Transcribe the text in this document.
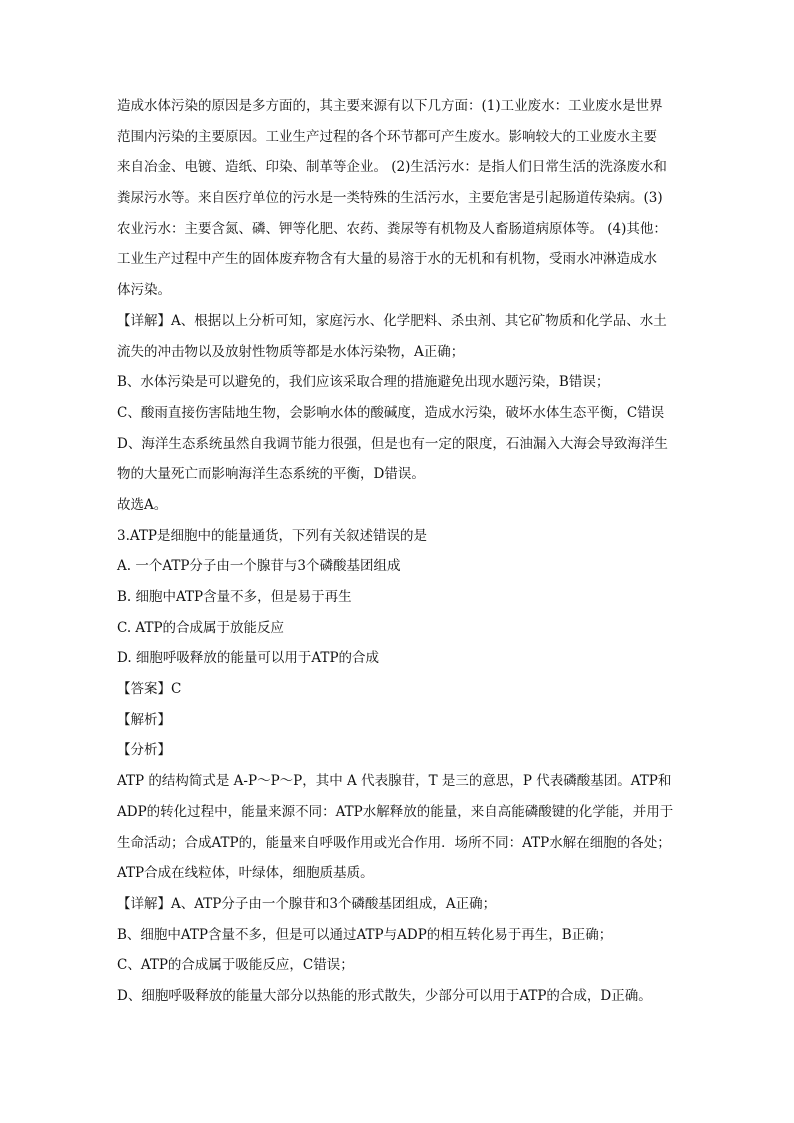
造成水体污染的原因是多方面的，其主要来源有以下几方面：(1)工业废水：工业废水是世界
范围内污染的主要原因。工业生产过程的各个环节都可产生废水。影响较大的工业废水主要
来自冶金、电镀、造纸、印染、制革等企业。 (2)生活污水：是指人们日常生活的洗涤废水和
粪尿污水等。来自医疗单位的污水是一类特殊的生活污水，主要危害是引起肠道传染病。(3)
农业污水：主要含氮、磷、钾等化肥、农药、粪尿等有机物及人畜肠道病原体等。 (4)其他：
工业生产过程中产生的固体废弃物含有大量的易溶于水的无机和有机物，受雨水冲淋造成水
体污染。
【详解】A、根据以上分析可知，家庭污水、化学肥料、杀虫剂、其它矿物质和化学品、水土
流失的冲击物以及放射性物质等都是水体污染物，A正确；
B、水体污染是可以避免的，我们应该采取合理的措施避免出现水题污染，B错误；
C、酸雨直接伤害陆地生物，会影响水体的酸碱度，造成水污染，破坏水体生态平衡，C错误
D、海洋生态系统虽然自我调节能力很强，但是也有一定的限度，石油漏入大海会导致海洋生
物的大量死亡而影响海洋生态系统的平衡，D错误。
故选A。
3.ATP是细胞中的能量通货，下列有关叙述错误的是
A. 一个ATP分子由一个腺苷与3个磷酸基团组成
B. 细胞中ATP含量不多，但是易于再生
C. ATP的合成属于放能反应
D. 细胞呼吸释放的能量可以用于ATP的合成
【答案】C
【解析】
【分析】
ATP 的结构简式是 A-P～P～P，其中 A 代表腺苷，T 是三的意思，P 代表磷酸基团。ATP和
ADP的转化过程中，能量来源不同：ATP水解释放的能量，来自高能磷酸键的化学能，并用于
生命活动；合成ATP的，能量来自呼吸作用或光合作用．场所不同：ATP水解在细胞的各处；
ATP合成在线粒体，叶绿体，细胞质基质。
【详解】A、ATP分子由一个腺苷和3个磷酸基团组成，A正确；
B、细胞中ATP含量不多，但是可以通过ATP与ADP的相互转化易于再生，B正确；
C、ATP的合成属于吸能反应，C错误；
D、细胞呼吸释放的能量大部分以热能的形式散失，少部分可以用于ATP的合成，D正确。
